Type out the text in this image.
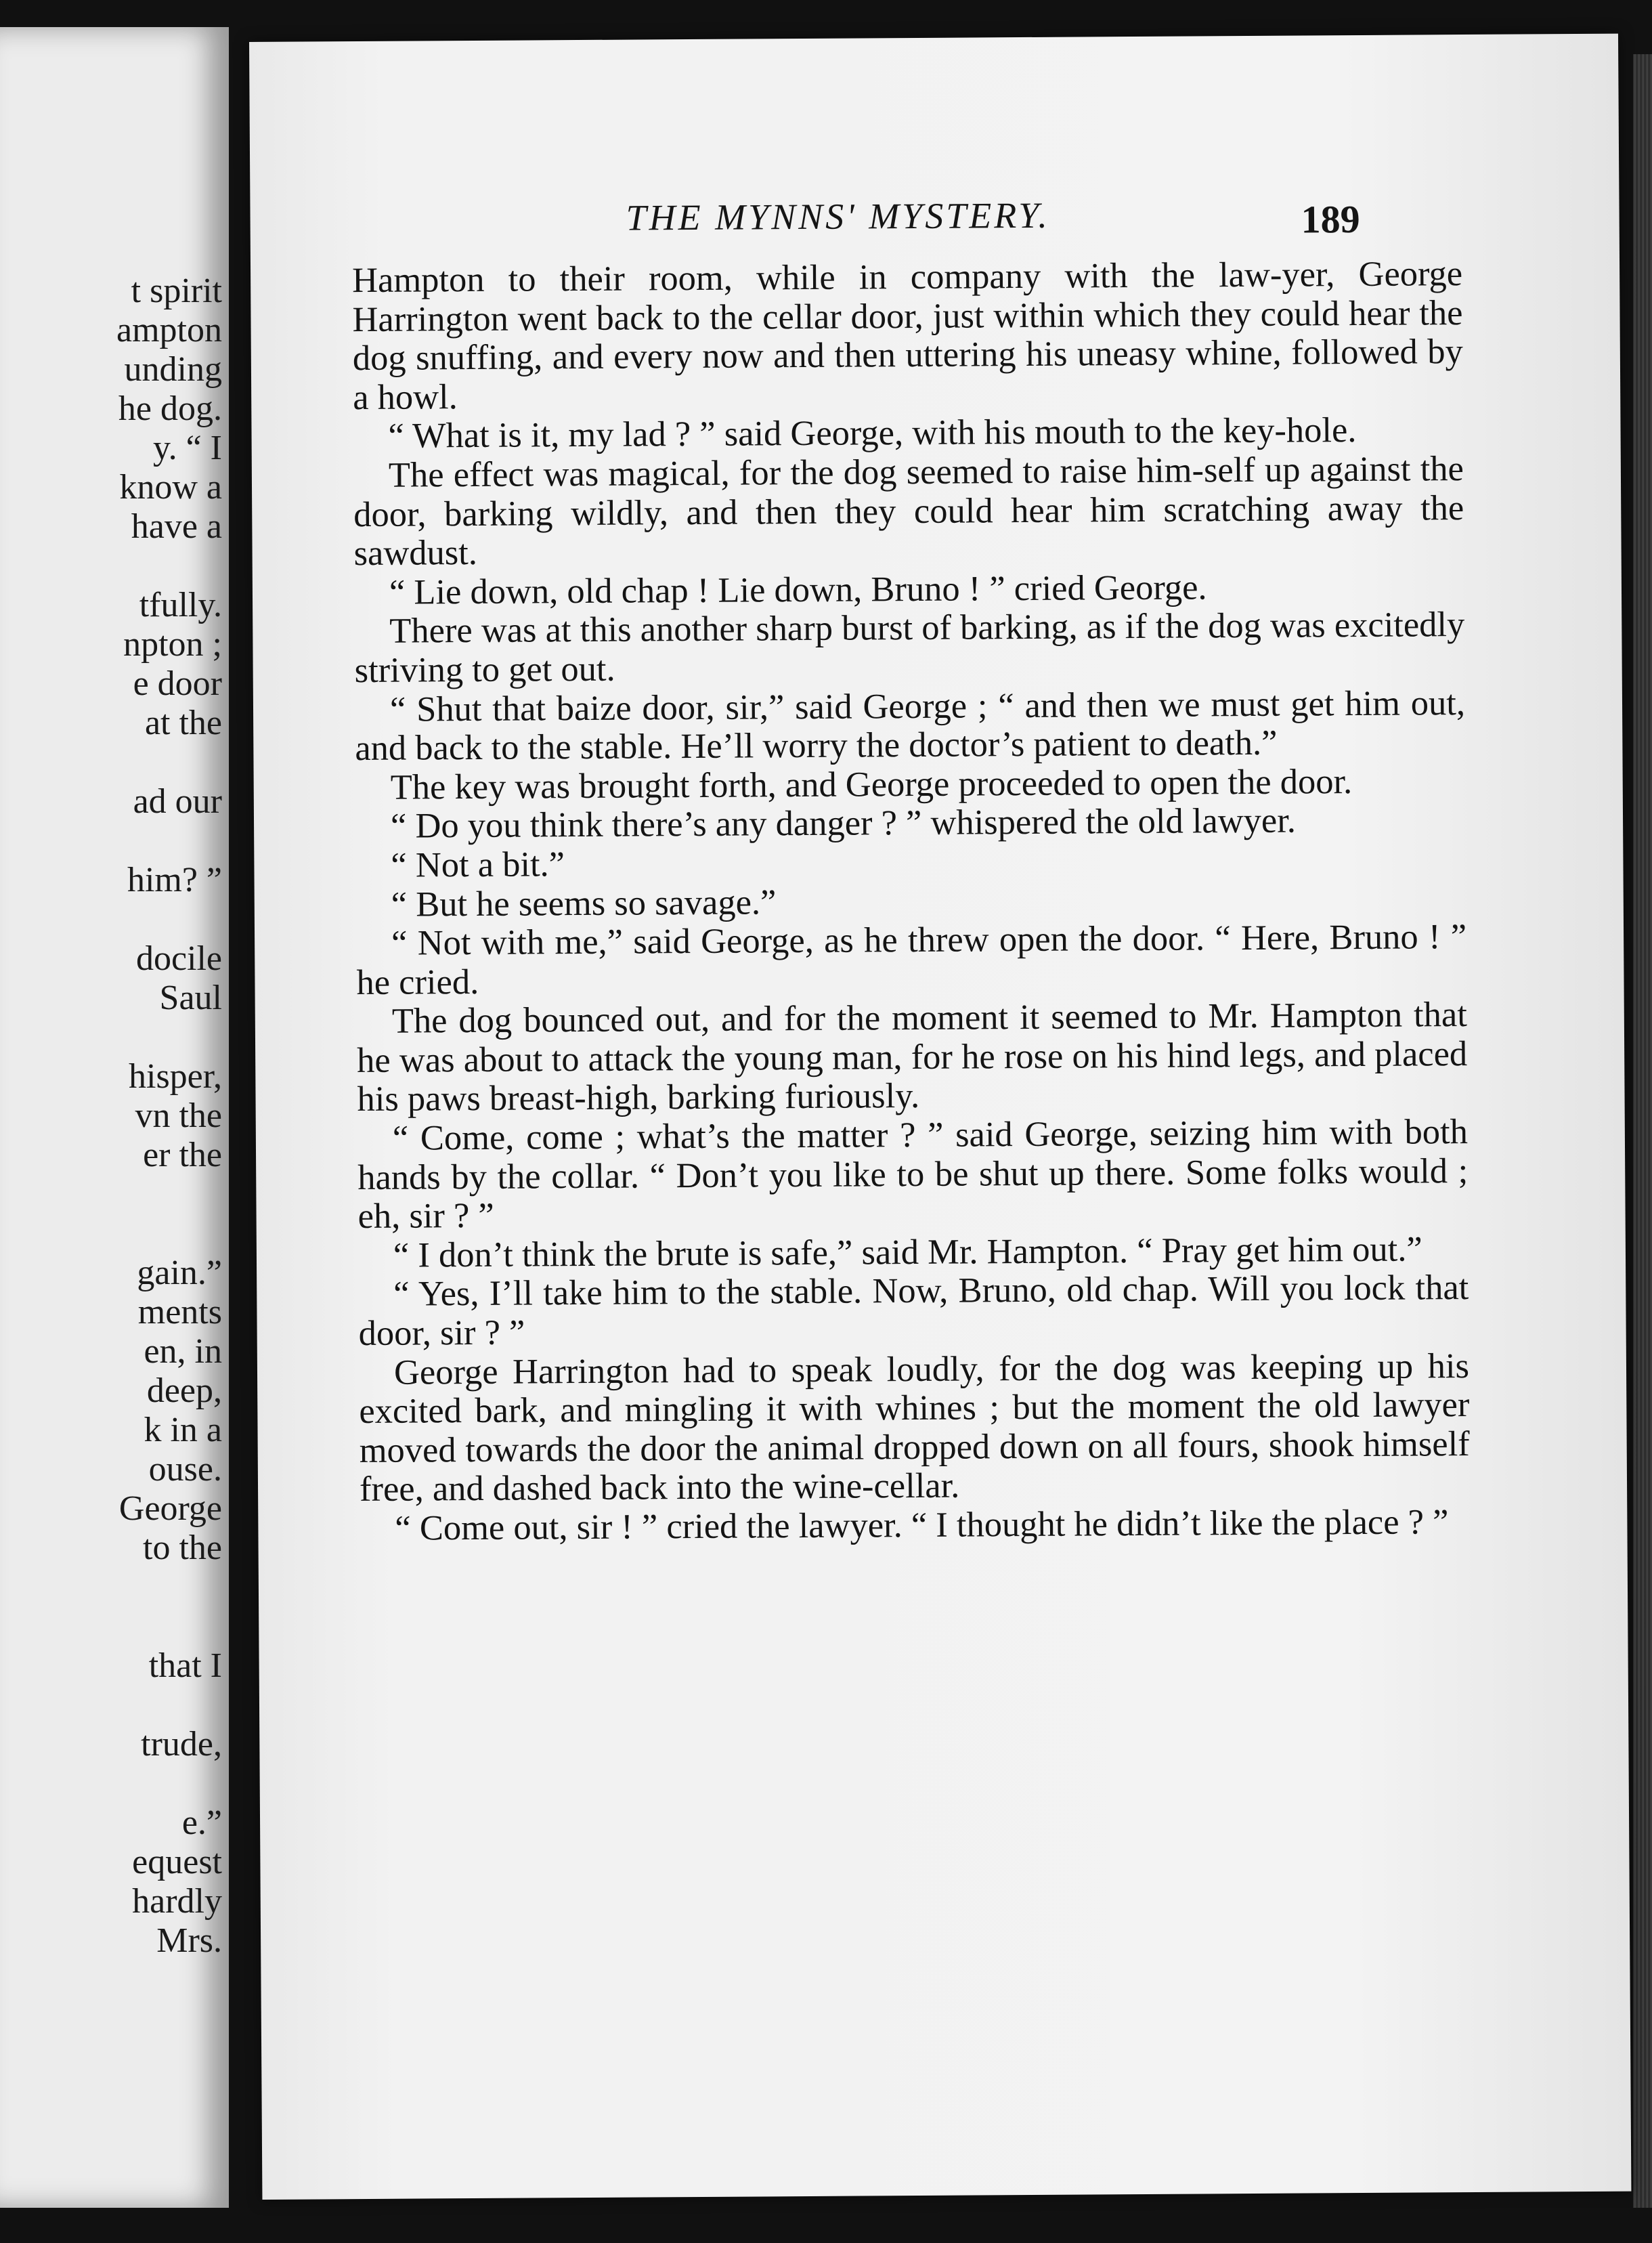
t spirit
ampton
unding
he dog.
y. “ I
know a
have a
tfully.
npton ;
e door
at the
ad our
him? ”
docile
Saul
hisper,
vn the
er the
gain.”
ments
en, in
deep,
k in a
ouse.
George
to the
that I
trude,
e.”
equest
hardly
Mrs.
THE MYNNS' MYSTERY.	189

Hampton to their room, while in company with the law-yer, George Harrington went back to the cellar door, just within which they could hear the dog snuffing, and every now and then uttering his uneasy whine, followed by a howl.

“ What is it, my lad ? ” said George, with his mouth to the key-hole.

The effect was magical, for the dog seemed to raise him-self up against the door, barking wildly, and then they could hear him scratching away the sawdust.

“ Lie down, old chap ! Lie down, Bruno ! ” cried George.

There was at this another sharp burst of barking, as if the dog was excitedly striving to get out.

“ Shut that baize door, sir,” said George ; “ and then we must get him out, and back to the stable. He’ll worry the doctor’s patient to death.”

The key was brought forth, and George proceeded to open the door.

“ Do you think there’s any danger ? ” whispered the old lawyer.

“ Not a bit.”

“ But he seems so savage.”

“ Not with me,” said George, as he threw open the door. “ Here, Bruno ! ” he cried.

The dog bounced out, and for the moment it seemed to Mr. Hampton that he was about to attack the young man, for he rose on his hind legs, and placed his paws breast-high, barking furiously.

“ Come, come ; what’s the matter ? ” said George, seizing him with both hands by the collar. “ Don’t you like to be shut up there. Some folks would ; eh, sir ? ”

“ I don’t think the brute is safe,” said Mr. Hampton. “ Pray get him out.”

“ Yes, I’ll take him to the stable. Now, Bruno, old chap. Will you lock that door, sir ? ”

George Harrington had to speak loudly, for the dog was keeping up his excited bark, and mingling it with whines ; but the moment the old lawyer moved towards the door the animal dropped down on all fours, shook himself free, and dashed back into the wine-cellar.

“ Come out, sir ! ” cried the lawyer. “ I thought he didn’t like the place ? ”
